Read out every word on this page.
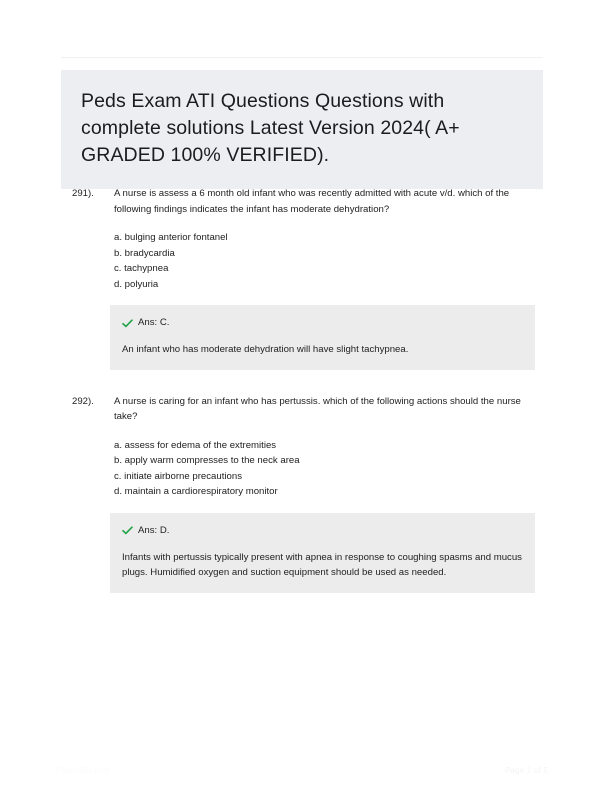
Peds Exam ATI Questions Questions with complete solutions Latest Version 2024( A+ GRADED 100% VERIFIED).
291).	A nurse is assess a 6 month old infant who was recently admitted with acute v/d. which of the following findings indicates the infant has moderate dehydration?
a. bulging anterior fontanel
b. bradycardia
c. tachypnea
d. polyuria
Ans: C.
An infant who has moderate dehydration will have slight tachypnea.
292).	A nurse is caring for an infant who has pertussis. which of the following actions should the nurse take?
a. assess for edema of the extremities
b. apply warm compresses to the neck area
c. initiate airborne precautions
d. maintain a cardiorespiratory monitor
Ans: D.
Infants with pertussis typically present with apnea in response to coughing spasms and mucus plugs. Humidified oxygen and suction equipment should be used as needed.
PaperStic.com	Page 1 of 5
